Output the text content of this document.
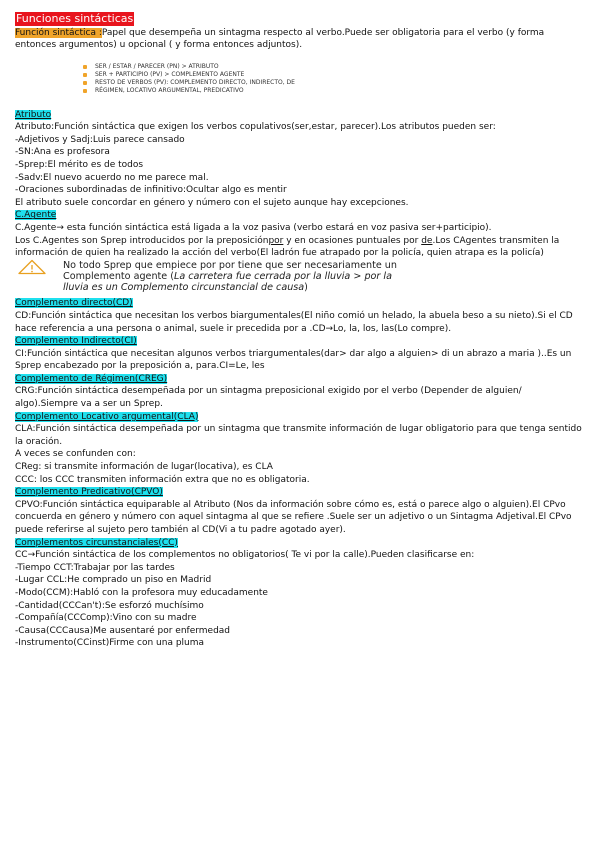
Funciones sintácticas

Función sintáctica :Papel que desempeña un sintagma respecto al verbo.Puede ser obligatoria para el verbo (y forma entonces argumentos) u opcional ( y forma entonces adjuntos).

SER / ESTAR / PARECER (PN) > ATRIBUTO
SER + PARTICIPIO (PV) > COMPLEMENTO AGENTE
RESTO DE VERBOS (PV): COMPLEMENTO DIRECTO, INDIRECTO, DE
RÉGIMEN, LOCATIVO ARGUMENTAL, PREDICATIVO

Atributo

Atributo:Función sintáctica que exigen los verbos copulativos(ser,estar, parecer).Los atributos pueden ser:

-Adjetivos y Sadj:Luis parece cansado

-SN:Ana es profesora

-Sprep:El mérito es de todos

-Sadv:El nuevo acuerdo no me parece mal.

-Oraciones subordinadas de infinitivo:Ocultar algo es mentir

El atributo suele concordar en género y número con el sujeto aunque hay excepciones.

C.Agente

C.Agente→ esta función sintáctica está ligada a la voz pasiva (verbo estará en voz pasiva ser+participio).

Los C.Agentes son Sprep introducidos por la preposiciónpor y en ocasiones puntuales por de.Los CAgentes transmiten la información de quien ha realizado la acción del verbo(El ladrón fue atrapado por la policía, quien atrapa es la policía)

No todo Sprep que empiece por por tiene que ser necesariamente un
Complemento agente (La carretera fue cerrada por la lluvia > por la
lluvia es un Complemento circunstancial de causa)

Complemento directo(CD)

CD:Función sintáctica que necesitan los verbos biargumentales(El niño comió un helado, la abuela beso a su nieto).Si el CD hace referencia a una persona o animal, suele ir precedida por a .CD→Lo, la, los, las(Lo compre).

Complemento Indirecto(CI)

CI:Función sintáctica que necesitan algunos verbos triargumentales(dar> dar algo a alguien> di un abrazo a maria )..Es un Sprep encabezado por la preposición a, para.CI=Le, les

Complemento de Régimen(CREG)

CRG:Función sintáctica desempeñada por un sintagma preposicional exigido por el verbo (Depender de alguien/ algo).Siempre va a ser un Sprep.

Complemento Locativo argumental(CLA)

CLA:Función sintáctica desempeñada por un sintagma que transmite información de lugar obligatorio para que tenga sentido la oración.

A veces se confunden con:

CReg: si transmite información de lugar(locativa), es CLA

CCC: los CCC transmiten información extra que no es obligatoria.

Complemento Predicativo(CPVO)

CPVO:Función sintáctica equiparable al Atributo (Nos da información sobre cómo es, está o parece algo o alguien).El CPvo concuerda en género y número con aquel sintagma al que se refiere .Suele ser un adjetivo o un Sintagma Adjetival.El CPvo puede referirse al sujeto pero también al CD(Vi a tu padre agotado ayer).

Complementos circunstanciales(CC)

CC→Función sintáctica de los complementos no obligatorios( Te vi por la calle).Pueden clasificarse en:

-Tiempo CCT:Trabajar por las tardes

-Lugar CCL:He comprado un piso en Madrid

-Modo(CCM):Habló con la profesora muy educadamente

-Cantidad(CCCan't):Se esforzó muchísimo

-Compañía(CCComp):Vino con su madre

-Causa(CCCausa)Me ausentaré por enfermedad

-Instrumento(CCinst)Firme con una pluma
